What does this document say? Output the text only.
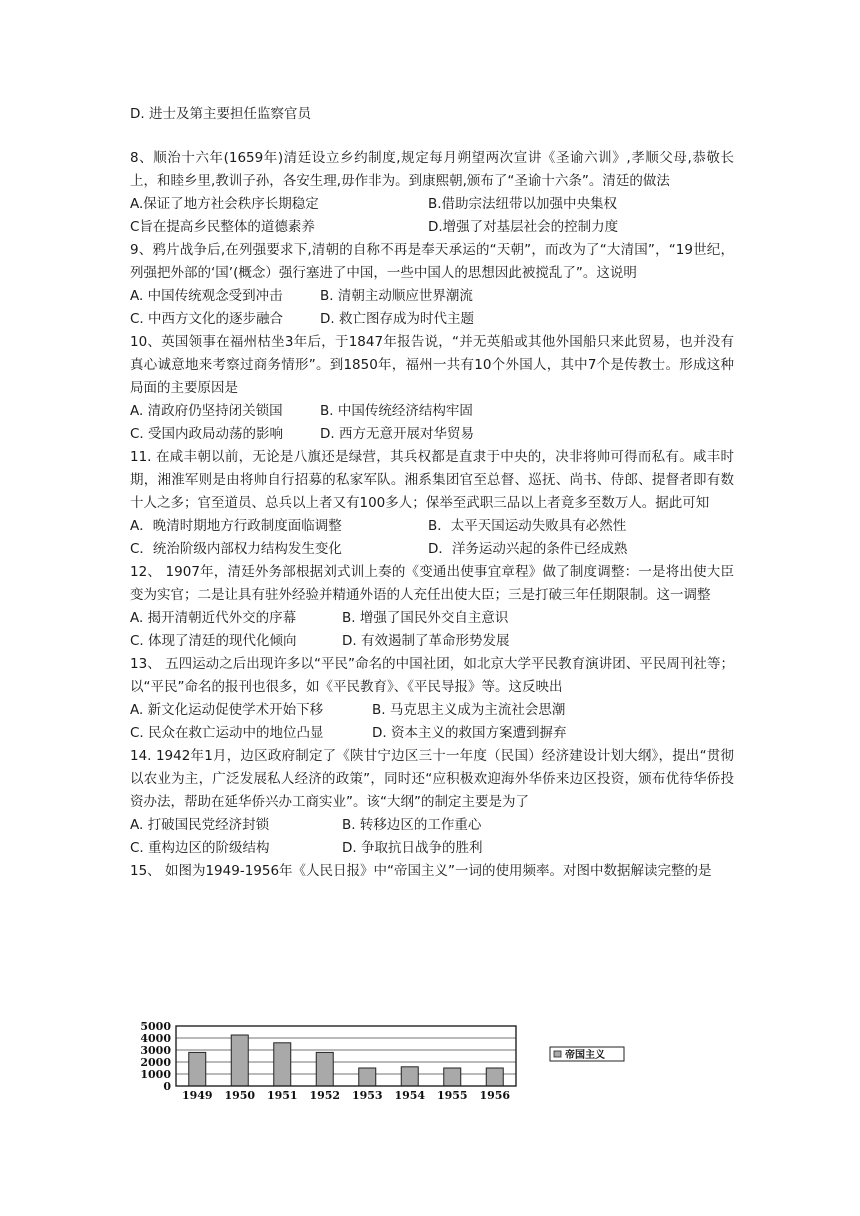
D. 进士及第主要担任监察官员
8、顺治十六年(1659年)清廷设立乡约制度,规定每月朔望两次宣讲《圣谕六训》,孝顺父母,恭敬长上，和睦乡里,教训子孙，各安生理,毋作非为。到康熙朝,颁布了“圣谕十六条”。清廷的做法
A.保证了地方社会秩序长期稳定	B.借助宗法纽带以加强中央集权
C旨在提高乡民整体的道德素养	D.增强了对基层社会的控制力度
9、鸦片战争后,在列强要求下,清朝的自称不再是奉天承运的“天朝”，而改为了“大清国”，“19世纪，列强把外部的‘国’(概念）强行塞进了中国，一些中国人的思想因此被搅乱了”。这说明
A. 中国传统观念受到冲击	B. 清朝主动顺应世界潮流
C. 中西方文化的逐步融合	D. 救亡图存成为时代主题
10、英国领事在福州枯坐3年后，于1847年报告说，“并无英船或其他外国船只来此贸易，也并没有真心诚意地来考察过商务情形”。到1850年，福州一共有10个外国人，其中7个是传教士。形成这种局面的主要原因是
A. 清政府仍坚持闭关锁国	B. 中国传统经济结构牢固
C. 受国内政局动荡的影响	D. 西方无意开展对华贸易
11. 在咸丰朝以前，无论是八旗还是绿营，其兵权都是直隶于中央的，决非将帅可得而私有。咸丰时期，湘淮军则是由将帅自行招募的私家军队。湘系集团官至总督、巡抚、尚书、侍郎、提督者即有数十人之多；官至道员、总兵以上者又有100多人；保举至武职三品以上者竟多至数万人。据此可知
A．晚清时期地方行政制度面临调整	B．太平天国运动失败具有必然性
C．统治阶级内部权力结构发生变化	D．洋务运动兴起的条件已经成熟
12、 1907年，清廷外务部根据刘式训上奏的《变通出使事宜章程》做了制度调整：一是将出使大臣变为实官；二是让具有驻外经验并精通外语的人充任出使大臣；三是打破三年任期限制。这一调整
A. 揭开清朝近代外交的序幕	B. 增强了国民外交自主意识
C. 体现了清廷的现代化倾向	D. 有效遏制了革命形势发展
13、 五四运动之后出现许多以“平民”命名的中国社团，如北京大学平民教育演讲团、平民周刊社等；以“平民”命名的报刊也很多，如《平民教育》、《平民导报》等。这反映出
A. 新文化运动促使学术开始下移	B. 马克思主义成为主流社会思潮
C. 民众在救亡运动中的地位凸显	D. 资本主义的救国方案遭到摒弃
14. 1942年1月，边区政府制定了《陕甘宁边区三十一年度（民国）经济建设计划大纲》，提出“贯彻以农业为主，广泛发展私人经济的政策”，同时还“应积极欢迎海外华侨来边区投资，颁布优待华侨投资办法，帮助在延华侨兴办工商实业”。该“大纲”的制定主要是为了
A. 打破国民党经济封锁	B. 转移边区的工作重心
C. 重构边区的阶级结构	D. 争取抗日战争的胜利
15、 如图为1949-1956年《人民日报》中“帝国主义”一词的使用频率。对图中数据解读完整的是
5000
4000
3000
2000
1000
0
1949 1950 1951 1952 1953 1954 1955 1956
帝国主义
